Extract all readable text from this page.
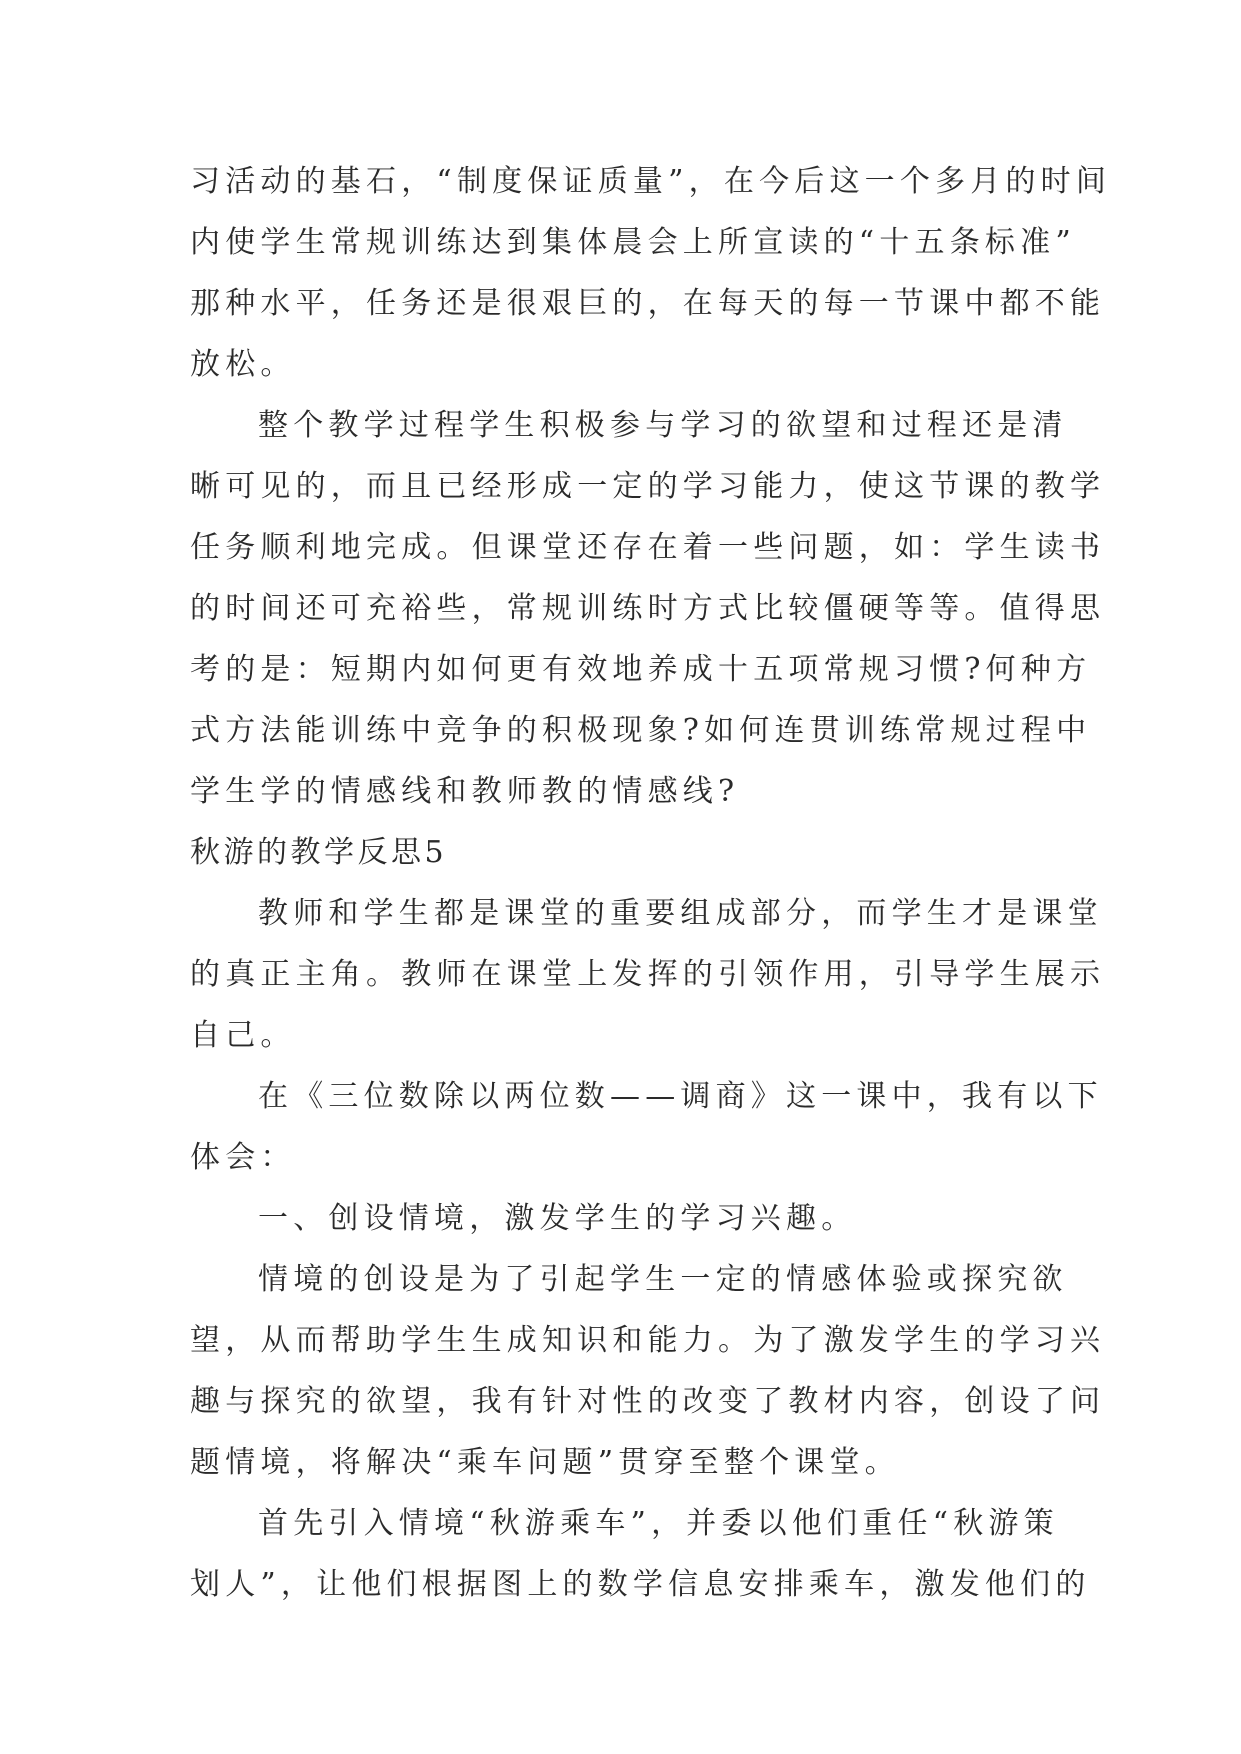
习活动的基石，“制度保证质量”，在今后这一个多月的时间
内使学生常规训练达到集体晨会上所宣读的“十五条标准”
那种水平，任务还是很艰巨的，在每天的每一节课中都不能
放松。
整个教学过程学生积极参与学习的欲望和过程还是清
晰可见的，而且已经形成一定的学习能力，使这节课的教学
任务顺利地完成。但课堂还存在着一些问题，如：学生读书
的时间还可充裕些，常规训练时方式比较僵硬等等。值得思
考的是：短期内如何更有效地养成十五项常规习惯?何种方
式方法能训练中竞争的积极现象?如何连贯训练常规过程中
学生学的情感线和教师教的情感线?
秋游的教学反思5
教师和学生都是课堂的重要组成部分，而学生才是课堂
的真正主角。教师在课堂上发挥的引领作用，引导学生展示
自己。
在《三位数除以两位数——调商》这一课中，我有以下
体会：
一、创设情境，激发学生的学习兴趣。
情境的创设是为了引起学生一定的情感体验或探究欲
望，从而帮助学生生成知识和能力。为了激发学生的学习兴
趣与探究的欲望，我有针对性的改变了教材内容，创设了问
题情境，将解决“乘车问题”贯穿至整个课堂。
首先引入情境“秋游乘车”，并委以他们重任“秋游策
划人”，让他们根据图上的数学信息安排乘车，激发他们的
